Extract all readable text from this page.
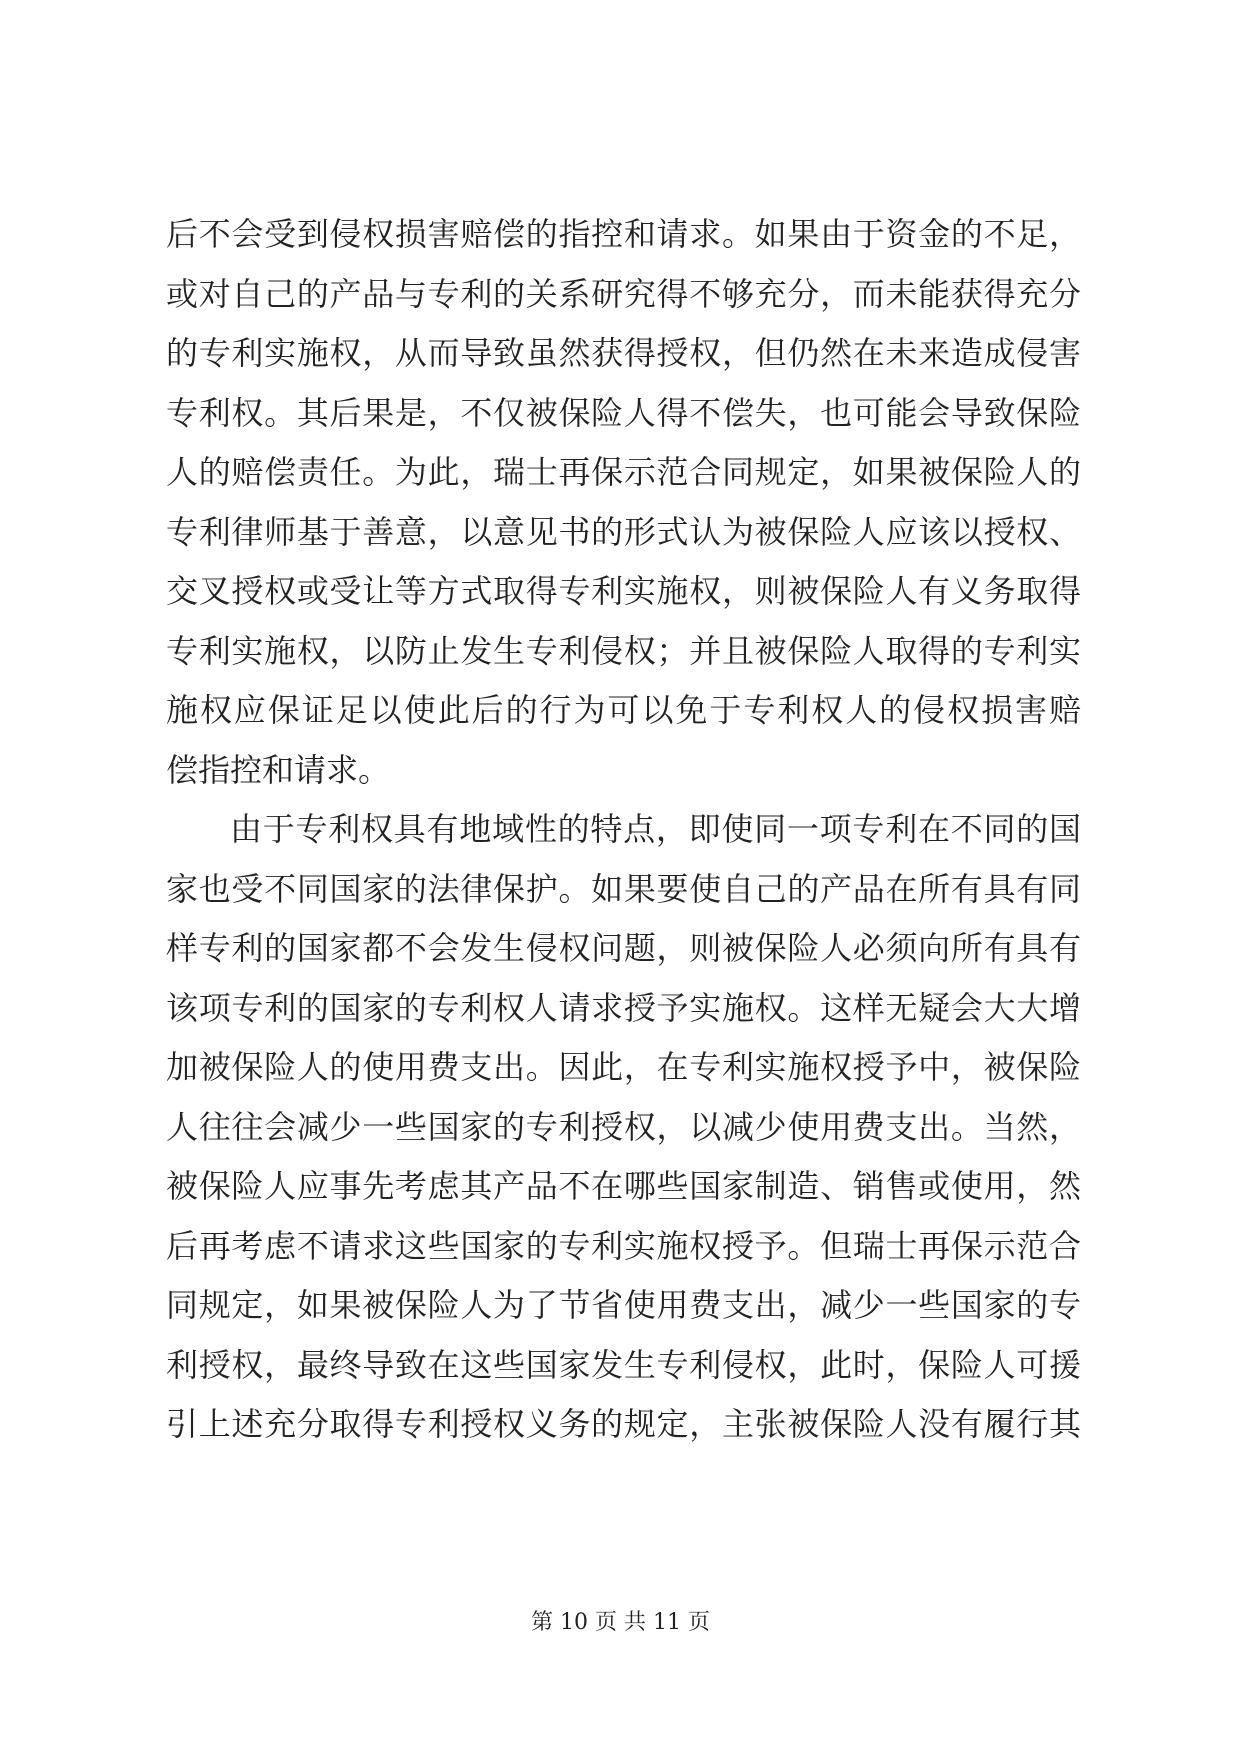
后不会受到侵权损害赔偿的指控和请求。如果由于资金的不足，
或对自己的产品与专利的关系研究得不够充分，而未能获得充分
的专利实施权，从而导致虽然获得授权，但仍然在未来造成侵害
专利权。其后果是，不仅被保险人得不偿失，也可能会导致保险
人的赔偿责任。为此，瑞士再保示范合同规定，如果被保险人的
专利律师基于善意，以意见书的形式认为被保险人应该以授权、
交叉授权或受让等方式取得专利实施权，则被保险人有义务取得
专利实施权，以防止发生专利侵权；并且被保险人取得的专利实
施权应保证足以使此后的行为可以免于专利权人的侵权损害赔
偿指控和请求。
由于专利权具有地域性的特点，即使同一项专利在不同的国
家也受不同国家的法律保护。如果要使自己的产品在所有具有同
样专利的国家都不会发生侵权问题，则被保险人必须向所有具有
该项专利的国家的专利权人请求授予实施权。这样无疑会大大增
加被保险人的使用费支出。因此，在专利实施权授予中，被保险
人往往会减少一些国家的专利授权，以减少使用费支出。当然，
被保险人应事先考虑其产品不在哪些国家制造、销售或使用，然
后再考虑不请求这些国家的专利实施权授予。但瑞士再保示范合
同规定，如果被保险人为了节省使用费支出，减少一些国家的专
利授权，最终导致在这些国家发生专利侵权，此时，保险人可援
引上述充分取得专利授权义务的规定，主张被保险人没有履行其
第 10 页 共 11 页
